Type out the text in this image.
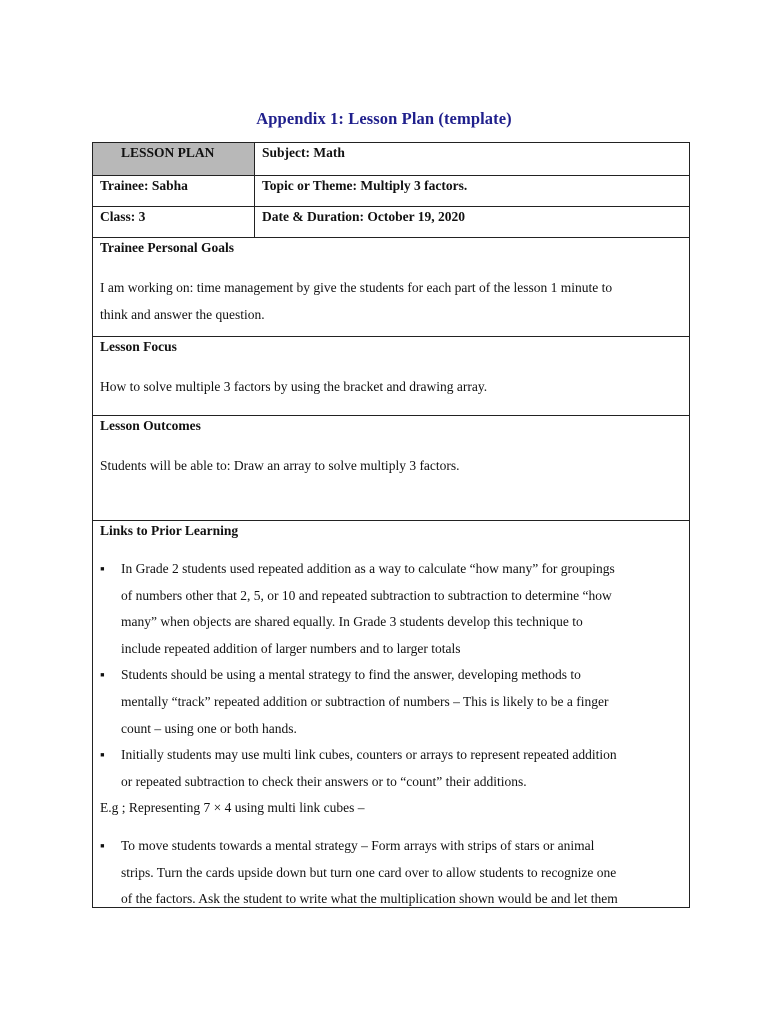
Appendix 1: Lesson Plan (template)
LESSON PLAN	Subject: Math
Trainee: Sabha	Topic or Theme: Multiply 3 factors.
Class: 3	Date & Duration: October 19, 2020
Trainee Personal Goals
I am working on: time management by give the students for each part of the lesson 1 minute to
think and answer the question.
Lesson Focus
How to solve multiple 3 factors by using the bracket and drawing array.
Lesson Outcomes
Students will be able to: Draw an array to solve multiply 3 factors.
Links to Prior Learning
▪ In Grade 2 students used repeated addition as a way to calculate “how many” for groupings
of numbers other that 2, 5, or 10 and repeated subtraction to subtraction to determine “how
many” when objects are shared equally. In Grade 3 students develop this technique to
include repeated addition of larger numbers and to larger totals
▪ Students should be using a mental strategy to find the answer, developing methods to
mentally “track” repeated addition or subtraction of numbers – This is likely to be a finger
count – using one or both hands.
▪ Initially students may use multi link cubes, counters or arrays to represent repeated addition
or repeated subtraction to check their answers or to “count” their additions.
E.g ; Representing 7 × 4 using multi link cubes –
▪ To move students towards a mental strategy – Form arrays with strips of stars or animal
strips. Turn the cards upside down but turn one card over to allow students to recognize one
of the factors. Ask the student to write what the multiplication shown would be and let them
